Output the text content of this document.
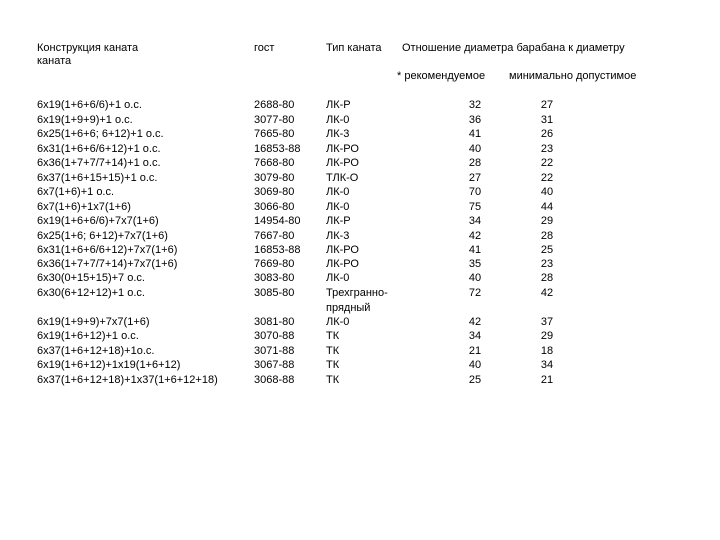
Конструкция каната
каната
гост	Тип каната Отношение диаметра барабана к диаметру
* рекомендуемое минимально допустимое
6х19(1+6+6/6)+1 о.с.	2688-80	ЛК-Р	32	27
6х19(1+9+9)+1 о.с.	3077-80	ЛК-0	36	31
6х25(1+6+6; 6+12)+1 о.с.	7665-80	ЛК-3	41	26
6х31(1+6+6/6+12)+1 о.с.	16853-88 ЛК-РО	40	23
6х36(1+7+7/7+14)+1 о.с.	7668-80	ЛК-РО	28	22
6х37(1+6+15+15)+1 о.с.	3079-80	ТЛК-О	27	22
6х7(1+6)+1 о.с.	3069-80	ЛК-0	70	40
6х7(1+6)+1х7(1+6)	3066-80	ЛК-0	75	44
6х19(1+6+6/6)+7х7(1+6)	14954-80 ЛК-Р	34	29
6х25(1+6; 6+12)+7х7(1+6)	7667-80	ЛК-3	42	28
6х31(1+6+6/6+12)+7х7(1+6)	16853-88 ЛК-РО	41	25
6х36(1+7+7/7+14)+7х7(1+6)	7669-80	ЛК-РО	35	23
6х30(0+15+15)+7 о.с.	3083-80	ЛК-0	40	28
6х30(6+12+12)+1 о.с.	3085-80	Трехгранно-	72	42
прядный
6х19(1+9+9)+7х7(1+6)	3081-80	ЛК-0	42	37
6х19(1+6+12)+1 о.с.	3070-88	ТК	34	29
6х37(1+6+12+18)+1о.с.	3071-88	ТК	21	18
6х19(1+6+12)+1х19(1+6+12)	3067-88	ТК	40	34
6х37(1+6+12+18)+1х37(1+6+12+18)	3068-88	ТК	25	21
